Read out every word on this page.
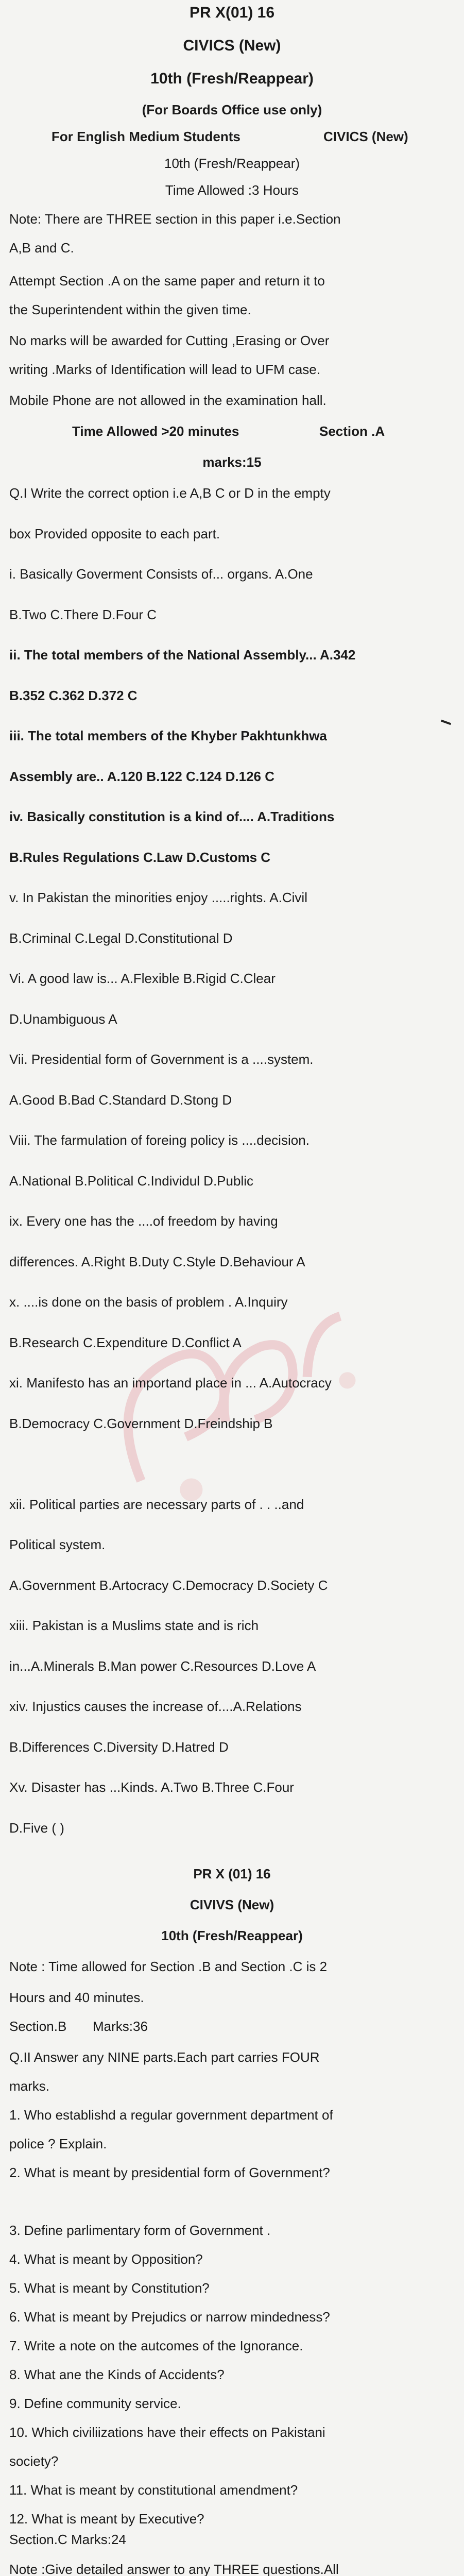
PR X(01) 16
CIVICS (New)
10th (Fresh/Reappear)
(For Boards Office use only)
For English Medium Students	CIVICS (New)
10th (Fresh/Reappear)
Time Allowed :3 Hours
Note: There are THREE section in this paper i.e.Section
A,B and C.
Attempt Section .A on the same paper and return it to
the Superintendent within the given time.
No marks will be awarded for Cutting ,Erasing or Over
writing .Marks of Identification will lead to UFM case.
Mobile Phone are not allowed in the examination hall.
Time Allowed >20 minutes	Section .A
marks:15
Q.I Write the correct option i.e A,B C or D in the empty
box Provided opposite to each part.
i. Basically Goverment Consists of... organs. A.One
B.Two C.There D.Four C
ii. The total members of the National Assembly... A.342
B.352 C.362 D.372 C
iii. The total members of the Khyber Pakhtunkhwa
Assembly are.. A.120 B.122 C.124 D.126 C
iv. Basically constitution is a kind of.... A.Traditions
B.Rules Regulations C.Law D.Customs C
v. In Pakistan the minorities enjoy .....rights. A.Civil
B.Criminal C.Legal D.Constitutional D
Vi. A good law is... A.Flexible B.Rigid C.Clear
D.Unambiguous A
Vii. Presidential form of Government is a ....system.
A.Good B.Bad C.Standard D.Stong D
Viii. The farmulation of foreing policy is ....decision.
A.National B.Political C.Individul D.Public
ix. Every one has the ....of freedom by having
differences. A.Right B.Duty C.Style D.Behaviour A
x. ....is done on the basis of problem . A.Inquiry
B.Research C.Expenditure D.Conflict A
xi. Manifesto has an importand place in ... A.Autocracy
B.Democracy C.Government D.Freindship B
xii. Political parties are necessary parts of . . ..and
Political system.
A.Government B.Artocracy C.Democracy D.Society C
xiii. Pakistan is a Muslims state and is rich
in...A.Minerals B.Man power C.Resources D.Love A
xiv. Injustics causes the increase of....A.Relations
B.Differences C.Diversity D.Hatred D
Xv. Disaster has ...Kinds. A.Two B.Three C.Four
D.Five ( )
PR X (01) 16
CIVIVS (New)
10th (Fresh/Reappear)
Note : Time allowed for Section .B and Section .C is 2
Hours and 40 minutes.
Section.B	Marks:36
Q.II Answer any NINE parts.Each part carries FOUR
marks.
1. Who establishd a regular government department of
police ? Explain.
2. What is meant by presidential form of Government?
3. Define parlimentary form of Government .
4. What is meant by Opposition?
5. What is meant by Constitution?
6. What is meant by Prejudics or narrow mindedness?
7. Write a note on the autcomes of the Ignorance.
8. What ane the Kinds of Accidents?
9. Define community service.
10. Which civiliizations have their effects on Pakistani
society?
11. What is meant by constitutional amendment?
12. What is meant by Executive?
Section.C Marks:24
Note :Give detailed answer to any THREE questions.All
